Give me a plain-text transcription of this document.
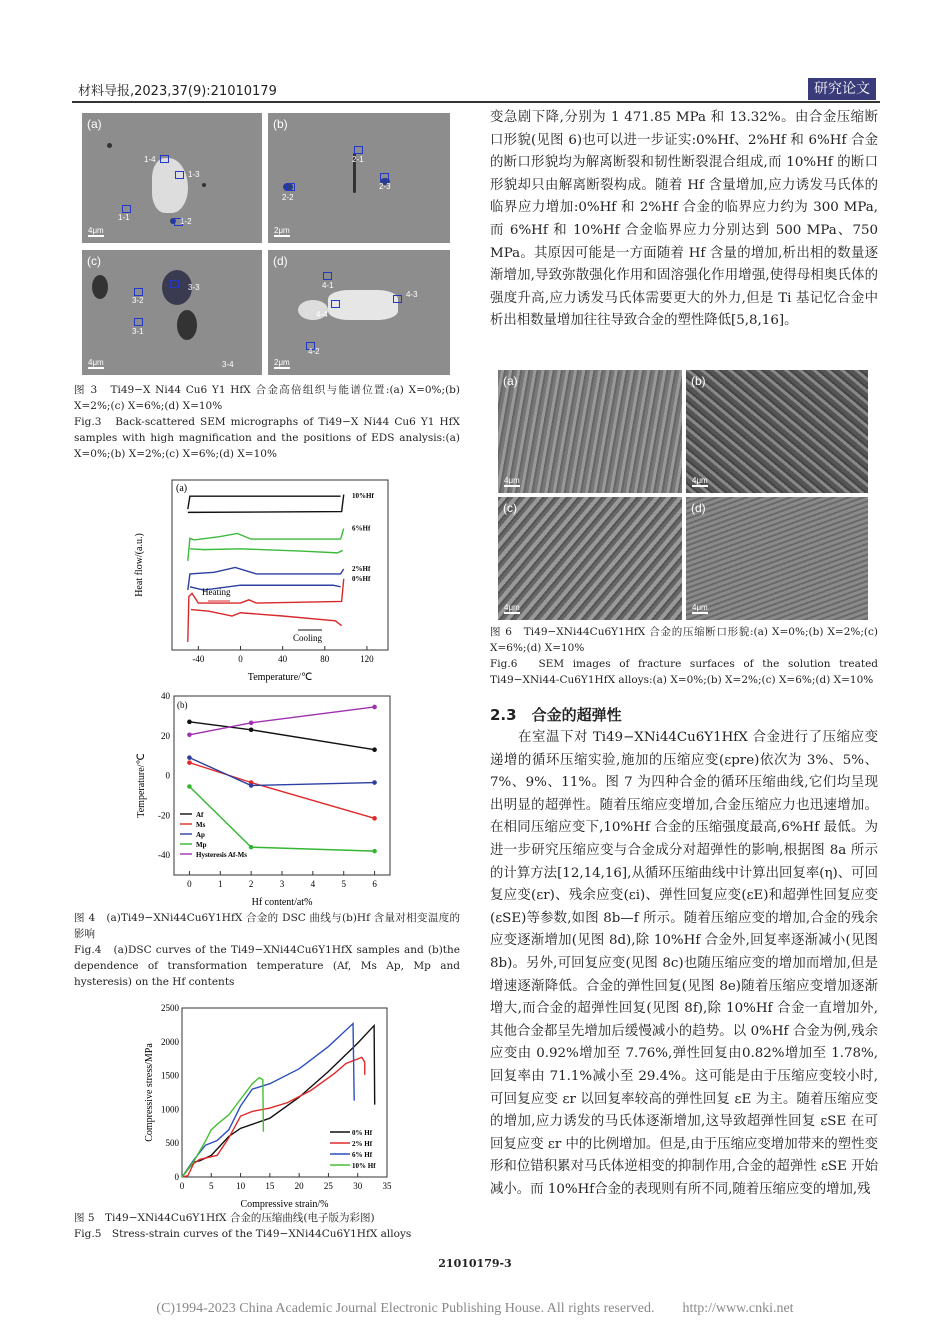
材料导报,2023,37(9):21010179	研究论文
(a)
1-1	1-2
1-3
1-4
4μm
(b)
2-1
2-2
2-3
2μm
(c)
3-1
3-2
3-3
3-4
4μm
(d)
4-1
4-2
4-3
4-4
2μm
图 3　Ti49−X Ni44 Cu6 Y1 HfX 合金高倍组织与能谱位置:(a) X=0%;(b) X=2%;(c) X=6%;(d) X=10%
Fig.3　Back-scattered SEM micrographs of Ti49−X Ni44 Cu6 Y1 HfX samples with high magnification and the positions of EDS analysis:(a) X=0%;(b) X=2%;(c) X=6%;(d) X=10%
Temperature/℃
Heat flow/(a.u.)
(a)
-40	0	40	80	120
10%Hf
6%Hf
2%Hf
0%Hf
Heating
Cooling
Hf content/at%
Temperature/℃
(b)
0	1	2	3	4	5	6
-40
-20
0
20
40
Af
Ms
Ap
Mp
Hysteresis Af-Ms
图 4　(a)Ti49−XNi44Cu6Y1HfX 合金的 DSC 曲线与(b)Hf 含量对相变温度的影响
Fig.4　(a)DSC curves of the Ti49−XNi44Cu6Y1HfX samples and (b)the dependence of transformation temperature (Af, Ms Ap, Mp and hysteresis) on the Hf contents
Compressive strain/%
Compressive stress/MPa
0	5	10 15 20 25 30 35
0
500
1000
1500
2000
2500
0% Hf
2% Hf
6% Hf
10% Hf
图 5　Ti49−XNi44Cu6Y1HfX 合金的压缩曲线(电子版为彩图)
Fig.5　Stress-strain curves of the Ti49−XNi44Cu6Y1HfX alloys

变急剧下降,分别为 1 471.85 MPa 和 13.32%。由合金压缩断口形貌(见图 6)也可以进一步证实:0%Hf、2%Hf 和 6%Hf 合金的断口形貌均为解离断裂和韧性断裂混合组成,而 10%Hf 的断口形貌却只由解离断裂构成。随着 Hf 含量增加,应力诱发马氏体的临界应力增加:0%Hf 和 2%Hf 合金的临界应力约为 300 MPa,而 6%Hf 和 10%Hf 合金临界应力分别达到 500 MPa、750 MPa。其原因可能是一方面随着 Hf 含量的增加,析出相的数量逐渐增加,导致弥散强化作用和固溶强化作用增强,使得母相奥氏体的强度升高,应力诱发马氏体需要更大的外力,但是 Ti 基记忆合金中析出相数量增加往往导致合金的塑性降低[5,8,16]。

(a)
4μm
(b)
4μm
(c)
4μm
(d)
4μm
图 6　Ti49−XNi44Cu6Y1HfX 合金的压缩断口形貌:(a) X=0%;(b) X=2%;(c) X=6%;(d) X=10%
Fig.6　SEM images of fracture surfaces of the solution treated Ti49−XNi44-Cu6Y1HfX alloys:(a) X=0%;(b) X=2%;(c) X=6%;(d) X=10%
2.3　合金的超弹性

　　在室温下对 Ti49−XNi44Cu6Y1HfX 合金进行了压缩应变递增的循环压缩实验,施加的压缩应变(εpre)依次为 3%、5%、7%、9%、11%。图 7 为四种合金的循环压缩曲线,它们均呈现出明显的超弹性。随着压缩应变增加,合金压缩应力也迅速增加。在相同压缩应变下,10%Hf 合金的压缩强度最高,6%Hf 最低。为进一步研究压缩应变与合金成分对超弹性的影响,根据图 8a 所示的计算方法[12,14,16],从循环压缩曲线中计算出回复率(η)、可回复应变(εr)、残余应变(εi)、弹性回复应变(εE)和超弹性回复应变(εSE)等参数,如图 8b—f 所示。随着压缩应变的增加,合金的残余应变逐渐增加(见图 8d),除 10%Hf 合金外,回复率逐渐减小(见图 8b)。另外,可回复应变(见图 8c)也随压缩应变的增加而增加,但是增速逐渐降低。合金的弹性回复(见图 8e)随着压缩应变增加逐渐增大,而合金的超弹性回复(见图 8f),除 10%Hf 合金一直增加外,其他合金都呈先增加后缓慢减小的趋势。以 0%Hf 合金为例,残余应变由 0.92%增加至 7.76%,弹性回复由0.82%增加至 1.78%,回复率由 71.1%减小至 29.4%。这可能是由于压缩应变较小时,可回复应变 εr 以回复率较高的弹性回复 εE 为主。随着压缩应变的增加,应力诱发的马氏体逐渐增加,这导致超弹性回复 εSE 在可回复应变 εr 中的比例增加。但是,由于压缩应变增加带来的塑性变形和位错积累对马氏体逆相变的抑制作用,合金的超弹性 εSE 开始减小。而 10%Hf合金的表现则有所不同,随着压缩应变的增加,残

21010179-3
(C)1994-2023 China Academic Journal Electronic Publishing House. All rights reserved.　　http://www.cnki.net
